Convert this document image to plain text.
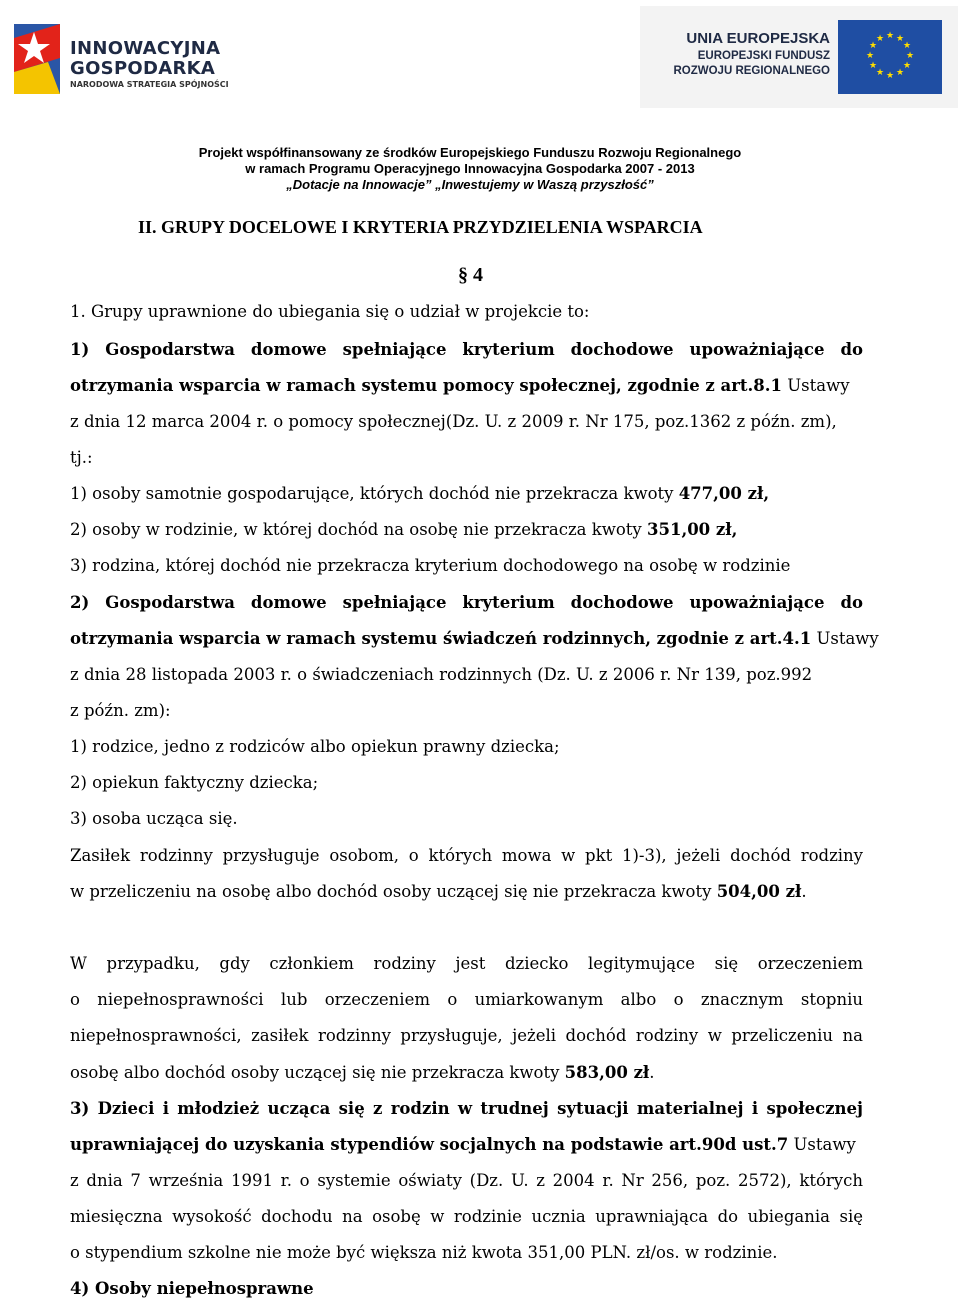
INNOWACYJNA
GOSPODARKA
NARODOWA STRATEGIA SPÓJNOŚCI
UNIA EUROPEJSKA
EUROPEJSKI FUNDUSZ
ROZWOJU REGIONALNEGO
★ ★
★
★
★
★
★
★
★
★
★
★
Projekt współfinansowany ze środków Europejskiego Funduszu Rozwoju Regionalnego
w ramach Programu Operacyjnego Innowacyjna Gospodarka 2007 - 2013
„Dotacje na Innowacje” „Inwestujemy w Waszą przyszłość”
II. GRUPY DOCELOWE I KRYTERIA PRZYDZIELENIA WSPARCIA
§ 4
1. Grupy uprawnione do ubiegania się o udział w projekcie to:
1) Gospodarstwa domowe spełniające kryterium dochodowe upoważniające do
otrzymania wsparcia w ramach systemu pomocy społecznej, zgodnie z art.8.1 Ustawy
z dnia 12 marca 2004 r. o pomocy społecznej(Dz. U. z 2009 r. Nr 175, poz.1362 z późn. zm),
tj.:
1) osoby samotnie gospodarujące, których dochód nie przekracza kwoty 477,00 zł,
2) osoby w rodzinie, w której dochód na osobę nie przekracza kwoty 351,00 zł,
3) rodzina, której dochód nie przekracza kryterium dochodowego na osobę w rodzinie
2) Gospodarstwa domowe spełniające kryterium dochodowe upoważniające do
otrzymania wsparcia w ramach systemu świadczeń rodzinnych, zgodnie z art.4.1 Ustawy
z dnia 28 listopada 2003 r. o świadczeniach rodzinnych (Dz. U. z 2006 r. Nr 139, poz.992
z późn. zm):
1) rodzice, jedno z rodziców albo opiekun prawny dziecka;
2) opiekun faktyczny dziecka;
3) osoba ucząca się.
Zasiłek rodzinny przysługuje osobom, o których mowa w pkt 1)-3), jeżeli dochód rodziny
w przeliczeniu na osobę albo dochód osoby uczącej się nie przekracza kwoty 504,00 zł.
W przypadku, gdy członkiem rodziny jest dziecko legitymujące się orzeczeniem
o niepełnosprawności lub orzeczeniem o umiarkowanym albo o znacznym stopniu
niepełnosprawności, zasiłek rodzinny przysługuje, jeżeli dochód rodziny w przeliczeniu na
osobę albo dochód osoby uczącej się nie przekracza kwoty 583,00 zł.
3) Dzieci i młodzież ucząca się z rodzin w trudnej sytuacji materialnej i społecznej
uprawniającej do uzyskania stypendiów socjalnych na podstawie art.90d ust.7 Ustawy
z dnia 7 września 1991 r. o systemie oświaty (Dz. U. z 2004 r. Nr 256, poz. 2572), których
miesięczna wysokość dochodu na osobę w rodzinie ucznia uprawniająca do ubiegania się
o stypendium szkolne nie może być większa niż kwota 351,00 PLN. zł/os. w rodzinie.
4) Osoby niepełnosprawne
